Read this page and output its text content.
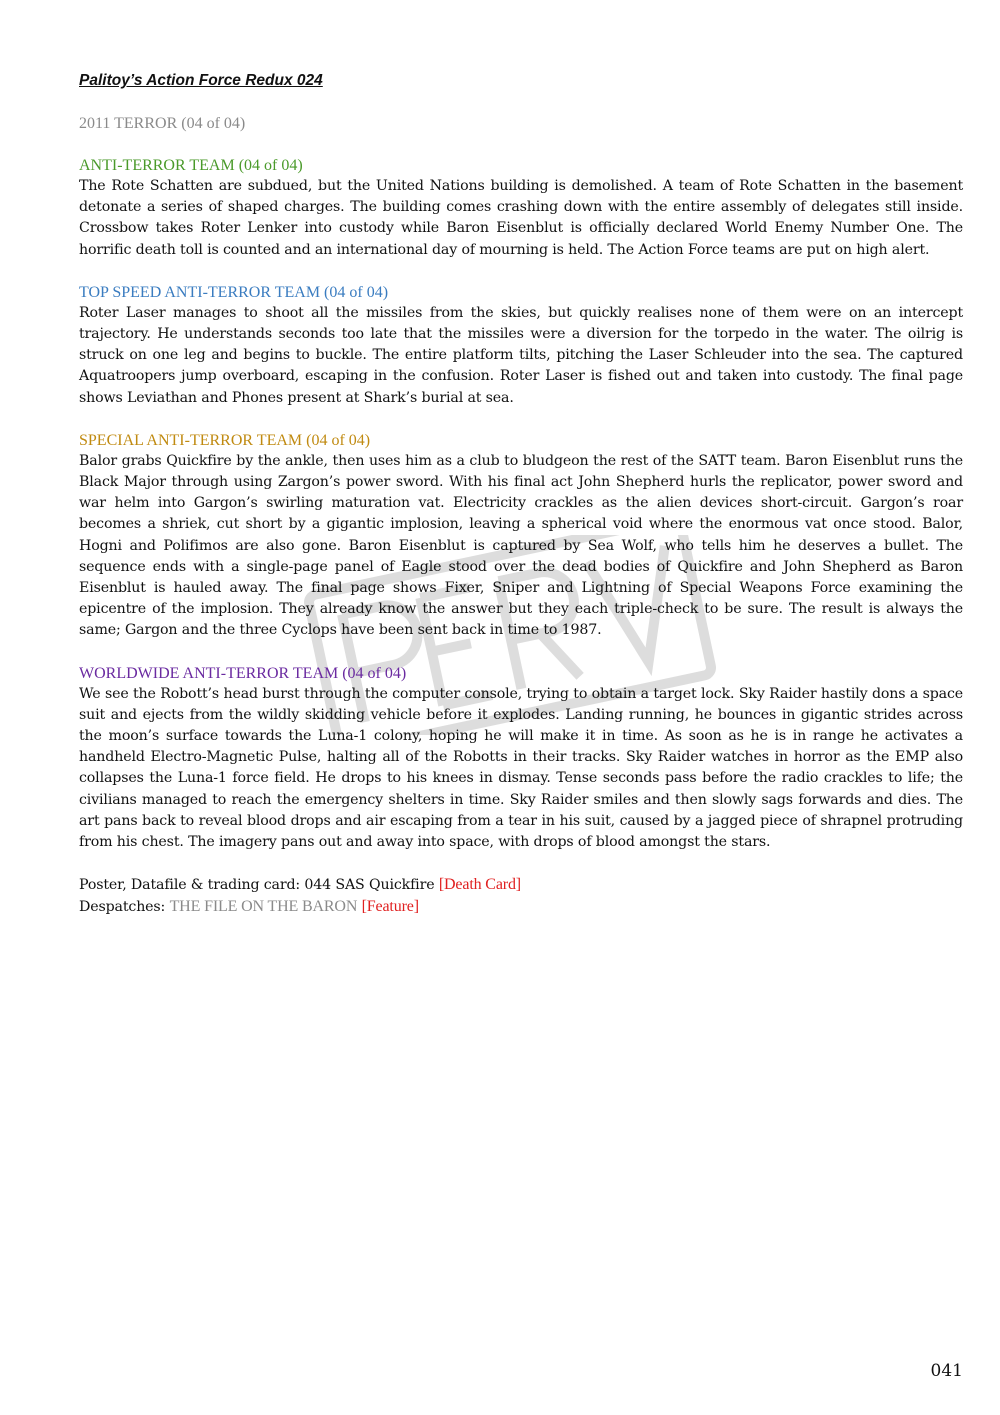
Palitoy’s Action Force Redux 024

2011 TERROR (04 of 04)

ANTI-TERROR TEAM (04 of 04)

The Rote Schatten are subdued, but the United Nations building is demolished. A team of Rote Schatten in the basement detonate a series of shaped charges. The building comes crashing down with the entire assembly of delegates still inside. Crossbow takes Roter Lenker into custody while Baron Eisenblut is officially declared World Enemy Number One. The horrific death toll is counted and an international day of mourning is held. The Action Force teams are put on high alert.

TOP SPEED ANTI-TERROR TEAM (04 of 04)

Roter Laser manages to shoot all the missiles from the skies, but quickly realises none of them were on an intercept trajectory. He understands seconds too late that the missiles were a diversion for the torpedo in the water. The oilrig is struck on one leg and begins to buckle. The entire platform tilts, pitching the Laser Schleuder into the sea. The captured Aquatroopers jump overboard, escaping in the confusion. Roter Laser is fished out and taken into custody. The final page shows Leviathan and Phones present at Shark’s burial at sea.

SPECIAL ANTI-TERROR TEAM (04 of 04)

Balor grabs Quickfire by the ankle, then uses him as a club to bludgeon the rest of the SATT team. Baron Eisenblut runs the Black Major through using Zargon’s power sword. With his final act John Shepherd hurls the replicator, power sword and war helm into Gargon’s swirling maturation vat. Electricity crackles as the alien devices short-circuit. Gargon’s roar becomes a shriek, cut short by a gigantic implosion, leaving a spherical void where the enormous vat once stood. Balor, Hogni and Polifimos are also gone. Baron Eisenblut is captured by Sea Wolf, who tells him he deserves a bullet. The sequence ends with a single-page panel of Eagle stood over the dead bodies of Quickfire and John Shepherd as Baron Eisenblut is hauled away. The final page shows Fixer, Sniper and Lightning of Special Weapons Force examining the epicentre of the implosion. They already know the answer but they each triple-check to be sure. The result is always the same; Gargon and the three Cyclops have been sent back in time to 1987.

WORLDWIDE ANTI-TERROR TEAM (04 of 04)

We see the Robott’s head burst through the computer console, trying to obtain a target lock. Sky Raider hastily dons a space suit and ejects from the wildly skidding vehicle before it explodes. Landing running, he bounces in gigantic strides across the moon’s surface towards the Luna-1 colony, hoping he will make it in time. As soon as he is in range he activates a handheld Electro-Magnetic Pulse, halting all of the Robotts in their tracks. Sky Raider watches in horror as the EMP also collapses the Luna-1 force field. He drops to his knees in dismay. Tense seconds pass before the radio crackles to life; the civilians managed to reach the emergency shelters in time. Sky Raider smiles and then slowly sags forwards and dies. The art pans back to reveal blood drops and air escaping from a tear in his suit, caused by a jagged piece of shrapnel protruding from his chest. The imagery pans out and away into space, with drops of blood amongst the stars.

Poster, Datafile & trading card: 044 SAS Quickfire [Death Card]

Despatches: THE FILE ON THE BARON [Feature]

041
